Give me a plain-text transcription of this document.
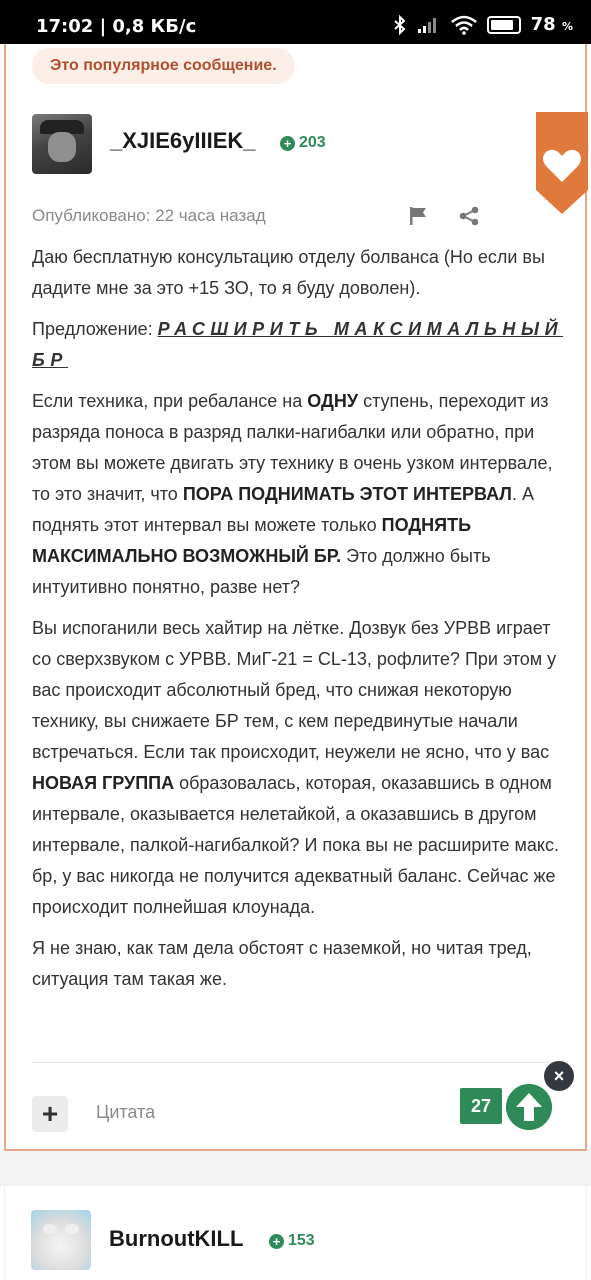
17:02 | 0,8 КБ/с	78 %
Это популярное сообщение.
_XJIE6yIIIEK_ + 203
Опубликовано: 22 часа назад

Даю бесплатную консультацию отделу болванса (Но если вы дадите мне за это +15 ЗО, то я буду доволен).

Предложение: РАСШИРИТЬ МАКСИМАЛЬНЫЙ БР

Если техника, при ребалансе на ОДНУ ступень, переходит из разряда поноса в разряд палки-нагибалки или обратно, при этом вы можете двигать эту технику в очень узком интервале, то это значит, что ПОРА ПОДНИМАТЬ ЭТОТ ИНТЕРВАЛ. А поднять этот интервал вы можете только ПОДНЯТЬ МАКСИМАЛЬНО ВОЗМОЖНЫЙ БР. Это должно быть интуитивно понятно, разве нет?

Вы испоганили весь хайтир на лётке. Дозвук без УРВВ играет со сверхзвуком с УРВВ. МиГ-21 = CL-13, рофлите? При этом у вас происходит абсолютный бред, что снижая некоторую технику, вы снижаете БР тем, с кем передвинутые начали встречаться. Если так происходит, неужели не ясно, что у вас НОВАЯ ГРУППА образовалась, которая, оказавшись в одном интервале, оказывается нелетайкой, а оказавшись в другом интервале, палкой-нагибалкой? И пока вы не расширите макс. бр, у вас никогда не получится адекватный баланс. Сейчас же происходит полнейшая клоунада.

Я не знаю, как там дела обстоят с наземкой, но читая тред, ситуация там такая же.

+	Цитата	27
×
BurnoutKILL + 153
